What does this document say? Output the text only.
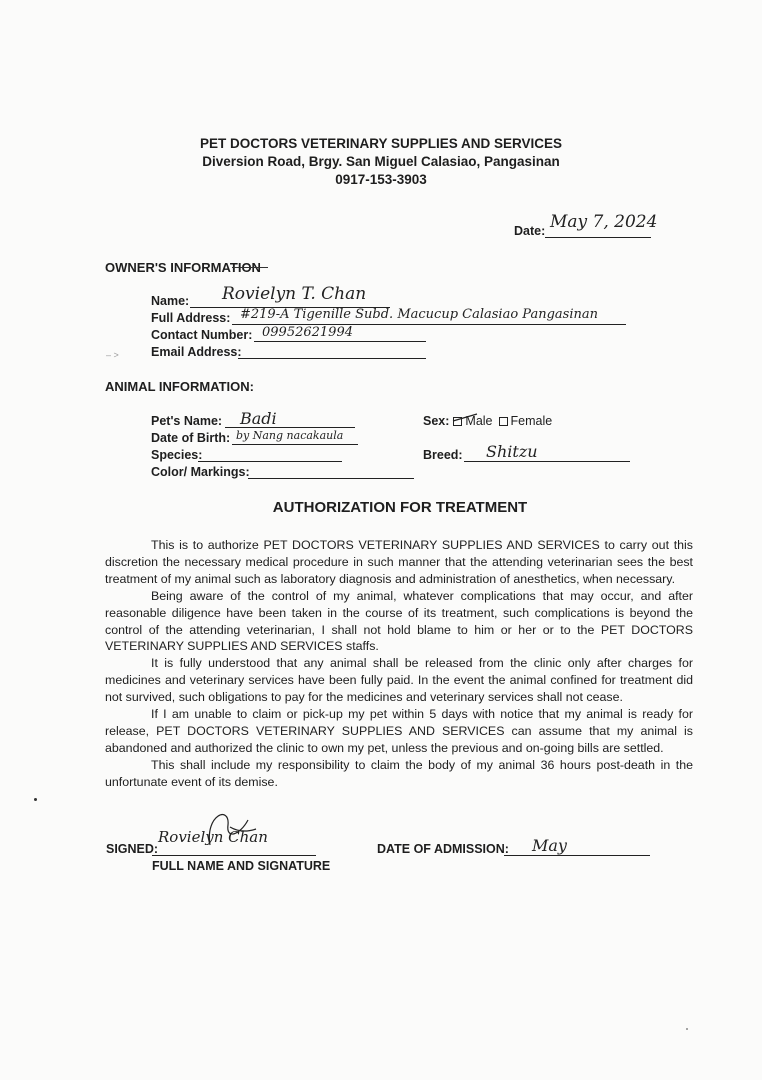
PET DOCTORS VETERINARY SUPPLIES AND SERVICES
Diversion Road, Brgy. San Miguel Calasiao, Pangasinan
0917-153-3903
Date: May 7, 2024
OWNER'S INFORMATION
Name: Rovielyn T. Chan
Full Address: #219-A Tigenille Subd. Macucup Calasiao Pangasinan
Contact Number: 09952621994
– >	Email Address:
ANIMAL INFORMATION:
Pet's Name: Badi
Date of Birth: by Nang nacakaula
Species:
Color/ Markings:
Sex: Male Female
Breed: Shitzu
AUTHORIZATION FOR TREATMENT

This is to authorize PET DOCTORS VETERINARY SUPPLIES AND SERVICES to carry out this discretion the necessary medical procedure in such manner that the attending veterinarian sees the best treatment of my animal such as laboratory diagnosis and administration of anesthetics, when necessary.

Being aware of the control of my animal, whatever complications that may occur, and after reasonable diligence have been taken in the course of its treatment, such complications is beyond the control of the attending veterinarian, I shall not hold blame to him or her or to the PET DOCTORS VETERINARY SUPPLIES AND SERVICES staffs.

It is fully understood that any animal shall be released from the clinic only after charges for medicines and veterinary services have been fully paid. In the event the animal confined for treatment did not survived, such obligations to pay for the medicines and veterinary services shall not cease.

If I am unable to claim or pick-up my pet within 5 days with notice that my animal is ready for release, PET DOCTORS VETERINARY SUPPLIES AND SERVICES can assume that my animal is abandoned and authorized the clinic to own my pet, unless the previous and on-going bills are settled.

This shall include my responsibility to claim the body of my animal 36 hours post-death in the unfortunate event of its demise.

SIGNED:
Rovielyn Chan
FULL NAME AND SIGNATURE
DATE OF ADMISSION: May
